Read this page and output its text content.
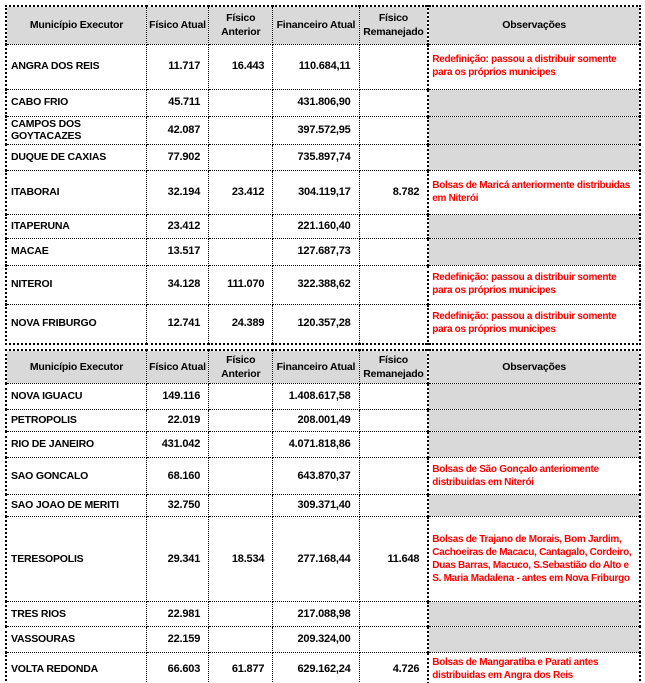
Município Executor	Físico Atual	Físico Anterior	Financeiro Atual	Físico Remanejado	Observações
ANGRA DOS REIS	11.717	16.443	110.684,11		Redefinição: passou a distribuir somente para os próprios municipes
CABO FRIO	45.711		431.806,90		
CAMPOS DOS GOYTACAZES	42.087		397.572,95		
DUQUE DE CAXIAS	77.902		735.897,74		
ITABORAI	32.194	23.412	304.119,17	8.782	Bolsas de Maricá anteriormente distribuidas em Niterói
ITAPERUNA	23.412		221.160,40		
MACAE	13.517		127.687,73		
NITEROI	34.128	111.070	322.388,62		Redefinição: passou a distribuir somente para os próprios municipes
NOVA FRIBURGO	12.741	24.389	120.357,28		Redefinição: passou a distribuir somente para os próprios municipes
Município Executor	Físico Atual	Físico Anterior	Financeiro Atual	Físico Remanejado	Observações
NOVA IGUACU	149.116		1.408.617,58		
PETROPOLIS	22.019		208.001,49		
RIO DE JANEIRO	431.042		4.071.818,86		
SAO GONCALO	68.160		643.870,37		Bolsas de São Gonçalo anteriomente distribuidas em Niterói
SAO JOAO DE MERITI	32.750		309.371,40		
TERESOPOLIS	29.341	18.534	277.168,44	11.648	Bolsas de Trajano de Morais, Bom Jardim, Cachoeiras de Macacu, Cantagalo, Cordeiro, Duas Barras, Macuco, S.Sebastião do Alto e S. Maria Madalena - antes em Nova Friburgo
TRES RIOS	22.981		217.088,98		
VASSOURAS	22.159		209.324,00		
VOLTA REDONDA	66.603	61.877	629.162,24	4.726	Bolsas de Mangaratiba e Parati antes distribuidas em Angra dos Reis
